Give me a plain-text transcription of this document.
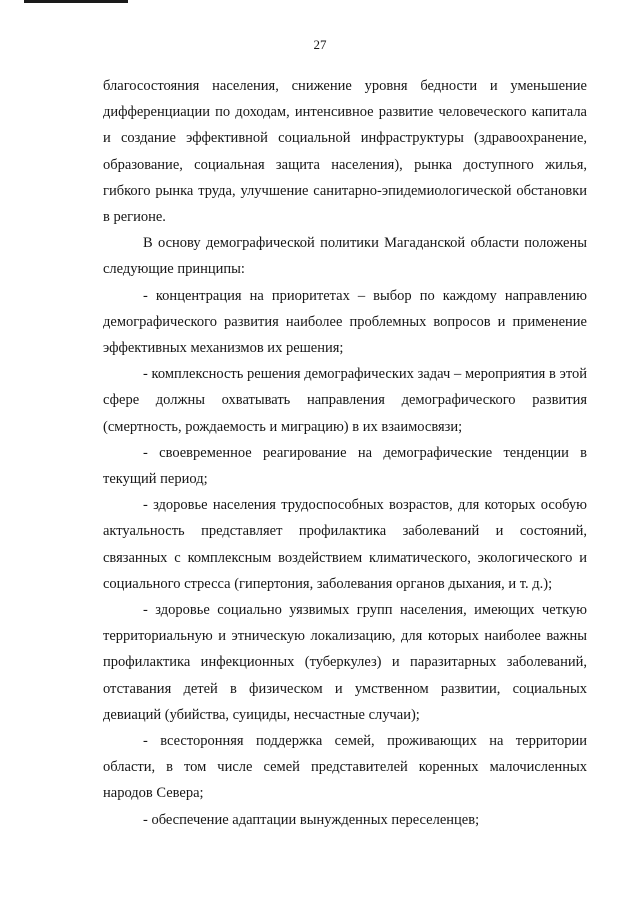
27

благосостояния населения, снижение уровня бедности и уменьшение дифференциации по доходам, интенсивное развитие человеческого капитала и создание эффективной социальной инфраструктуры (здравоохранение, образование, социальная защита населения), рынка доступного жилья, гибкого рынка труда, улучшение санитарно-эпидемиологической обстановки в регионе.

В основу демографической политики Магаданской области положены следующие принципы:

- концентрация на приоритетах – выбор по каждому направлению демографического развития наиболее проблемных вопросов и применение эффективных механизмов их решения;

- комплексность решения демографических задач – мероприятия в этой сфере должны охватывать направления демографического развития (смертность, рождаемость и миграцию) в их взаимосвязи;

- своевременное реагирование на демографические тенденции в текущий период;

- здоровье населения трудоспособных возрастов, для которых особую актуальность представляет профилактика заболеваний и состояний, связанных с комплексным воздействием климатического, экологического и социального стресса (гипертония, заболевания органов дыхания, и т. д.);

- здоровье социально уязвимых групп населения, имеющих четкую территориальную и этническую локализацию, для которых наиболее важны профилактика инфекционных (туберкулез) и паразитарных заболеваний, отставания детей в физическом и умственном развитии, социальных девиаций (убийства, суициды, несчастные случаи);

- всесторонняя поддержка семей, проживающих на территории области, в том числе семей представителей коренных малочисленных народов Севера;

- обеспечение адаптации вынужденных переселенцев;
